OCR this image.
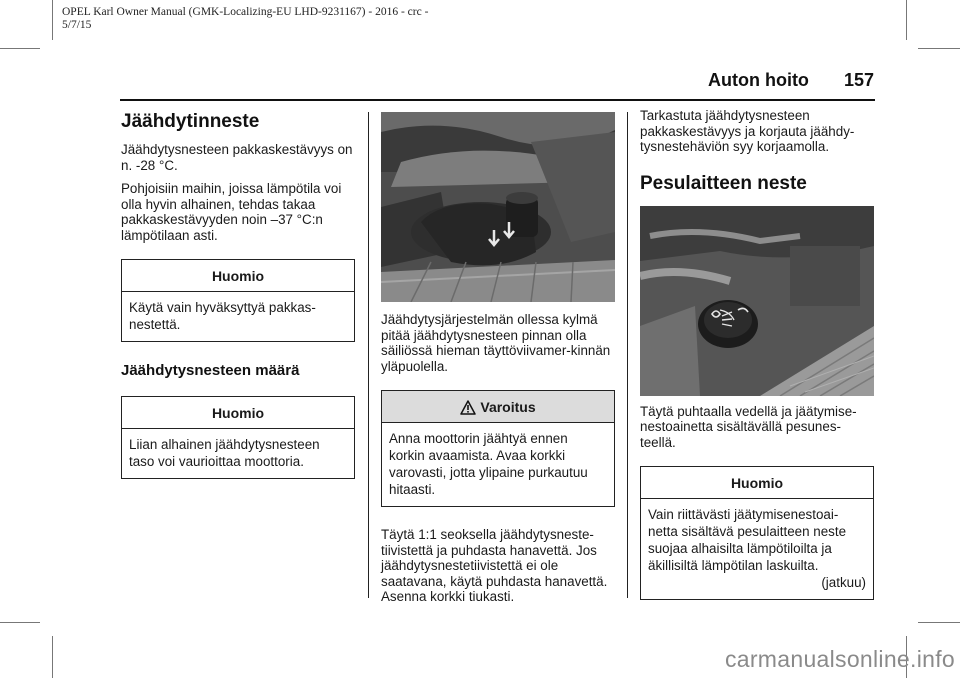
OPEL Karl Owner Manual (GMK-Localizing-EU LHD-9231167) - 2016 - crc -
5/7/15
Auton hoito 157
Jäähdytinneste

Jäähdytysnesteen pakkaskestävyys on n. -28 °C.

Pohjoisiin maihin, joissa lämpötila voi olla hyvin alhainen, tehdas takaa pakkaskestävyyden noin –37 °C:n lämpötilaan asti.

Huomio
Käytä vain hyväksyttyä pakkas-nestettä.
Jäähdytysnesteen määrä
Huomio
Liian alhainen jäähdytysnesteen taso voi vaurioittaa moottoria.

Jäähdytysjärjestelmän ollessa kylmä pitää jäähdytysnesteen pinnan olla säiliössä hieman täyttöviivamer-kinnän yläpuolella.

Varoitus
Anna moottorin jäähtyä ennen korkin avaamista. Avaa korkki varovasti, jotta ylipaine purkautuu hitaasti.

Täytä 1:1 seoksella jäähdytysneste-tiivistettä ja puhdasta hanavettä. Jos jäähdytysnestetiivistettä ei ole saatavana, käytä puhdasta hanavettä. Asenna korkki tiukasti.

Tarkastuta jäähdytysnesteen pakkaskestävyys ja korjauta jäähdy-tysnestehäviön syy korjaamolla.

Pesulaitteen neste

Täytä puhtaalla vedellä ja jäätymise-nestoainetta sisältävällä pesunes-teellä.

Huomio
Vain riittävästi jäätymisenestoai-netta sisältävä pesulaitteen neste suojaa alhaisilta lämpötiloilta ja äkillisiltä lämpötilan laskuilta.
(jatkuu)
carmanualsonline.info
